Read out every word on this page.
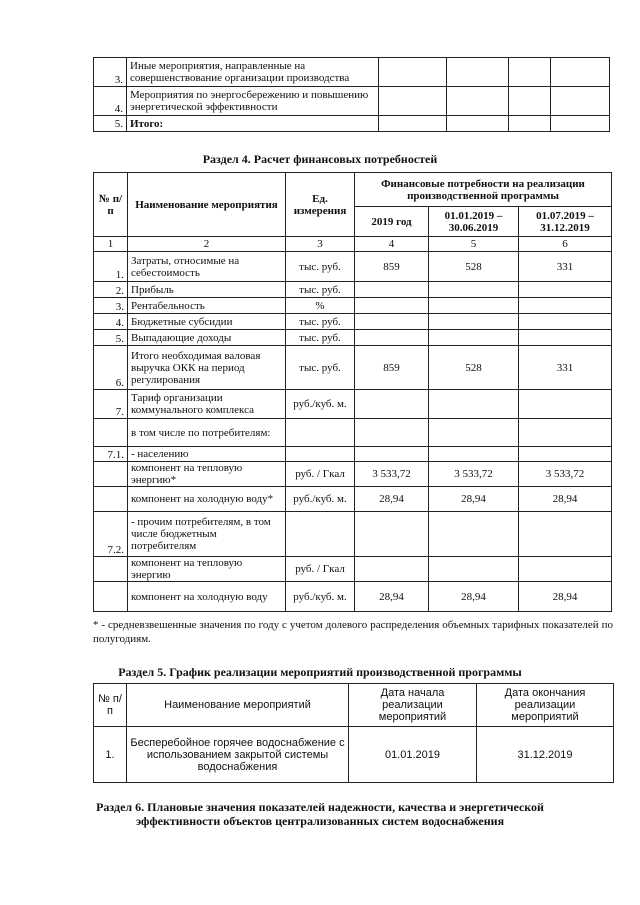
3.	Иные мероприятия, направленные на совершенствование организации производства				
4.	Мероприятия по энергосбережению и повышению энергетической эффективности				
5.	Итого:				
Раздел 4. Расчет финансовых потребностей
№ п/п	Наименование мероприятия	Ед. измерения	Финансовые потребности на реализации производственной программы		
			2019 год	01.01.2019 – 30.06.2019	01.07.2019 – 31.12.2019
1	2	3	4	5	6
1.	Затраты, относимые на себестоимость	тыс. руб.	859	528	331
2.	Прибыль	тыс. руб.			
3.	Рентабельность	%			
4.	Бюджетные субсидии	тыс. руб.			
5.	Выпадающие доходы	тыс. руб.			
6.	Итого необходимая валовая выручка ОКК на период регулирования	тыс. руб.	859	528	331
7.	Тариф организации коммунального комплекса	руб./куб. м.			
	в том числе по потребителям:				
7.1.	- населению				
	компонент на тепловую энергию*	руб. / Гкал	3 533,72	3 533,72	3 533,72
	компонент на холодную воду*	руб./куб. м.	28,94	28,94	28,94
7.2.	- прочим потребителям, в том числе бюджетным потребителям				
	компонент на тепловую энергию	руб. / Гкал			
	компонент на холодную воду	руб./куб. м.	28,94	28,94	28,94
* - средневзвешенные значения по году с учетом долевого распределения объемных тарифных показателей по полугодиям.
Раздел 5. График реализации мероприятий производственной программы
№ п/п	Наименование мероприятий	Дата начала реализации мероприятий	Дата окончания реализации мероприятий
1.	Бесперебойное горячее водоснабжение с использованием закрытой системы водоснабжения	01.01.2019	31.12.2019
Раздел 6. Плановые значения показателей надежности, качества и энергетической
эффективности объектов централизованных систем водоснабжения
